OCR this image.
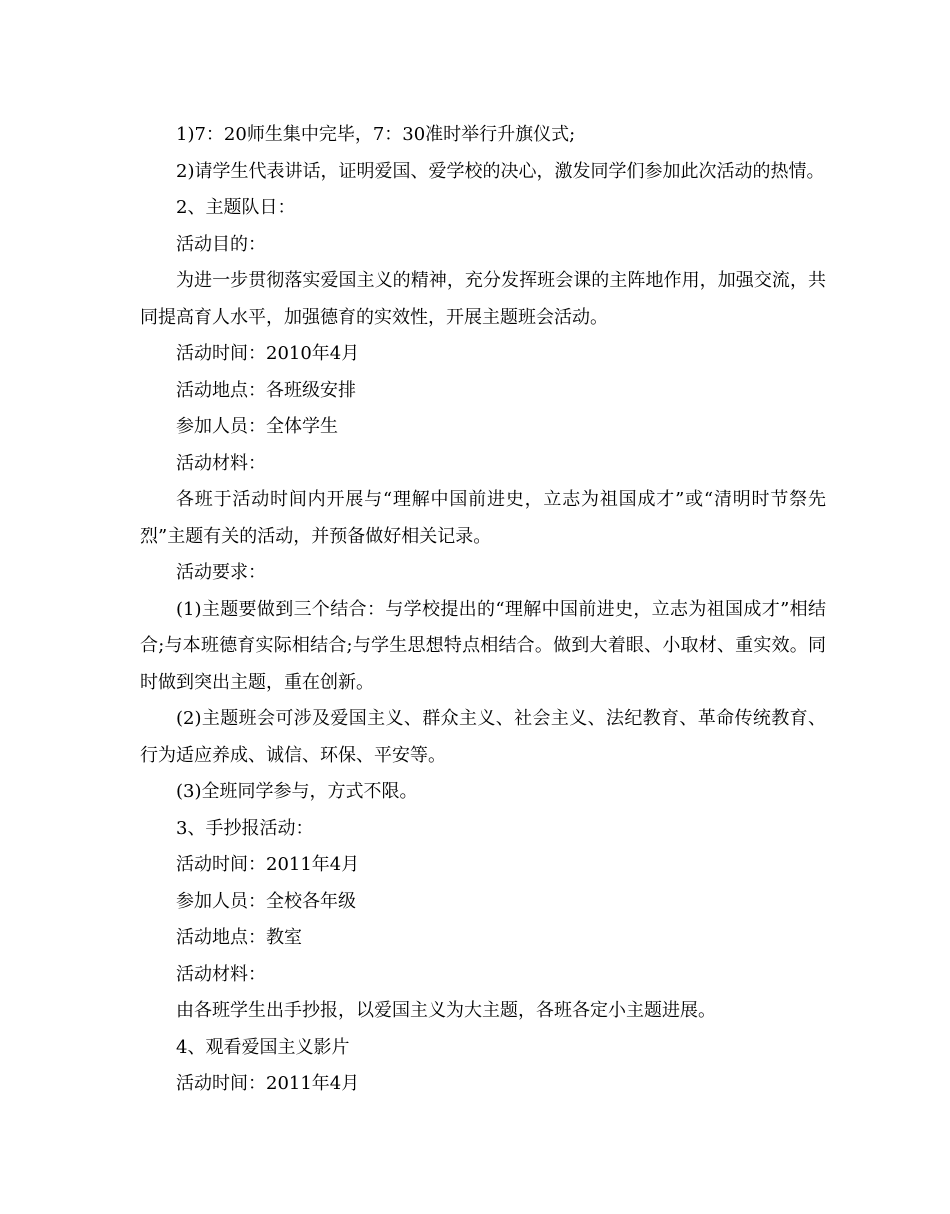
1)7：20师生集中完毕，7：30准时举行升旗仪式;

2)请学生代表讲话，证明爱国、爱学校的决心，激发同学们参加此次活动的热情。

2、主题队日：

活动目的：

为进一步贯彻落实爱国主义的精神，充分发挥班会课的主阵地作用，加强交流，共同提高育人水平，加强德育的实效性，开展主题班会活动。

活动时间：2010年4月

活动地点：各班级安排

参加人员：全体学生

活动材料：

各班于活动时间内开展与“理解中国前进史，立志为祖国成才”或“清明时节祭先烈”主题有关的活动，并预备做好相关记录。

活动要求：

(1)主题要做到三个结合：与学校提出的“理解中国前进史，立志为祖国成才”相结合;与本班德育实际相结合;与学生思想特点相结合。做到大着眼、小取材、重实效。同时做到突出主题，重在创新。

(2)主题班会可涉及爱国主义、群众主义、社会主义、法纪教育、革命传统教育、行为适应养成、诚信、环保、平安等。

(3)全班同学参与，方式不限。

3、手抄报活动：

活动时间：2011年4月

参加人员：全校各年级

活动地点：教室

活动材料：

由各班学生出手抄报，以爱国主义为大主题，各班各定小主题进展。

4、观看爱国主义影片

活动时间：2011年4月
